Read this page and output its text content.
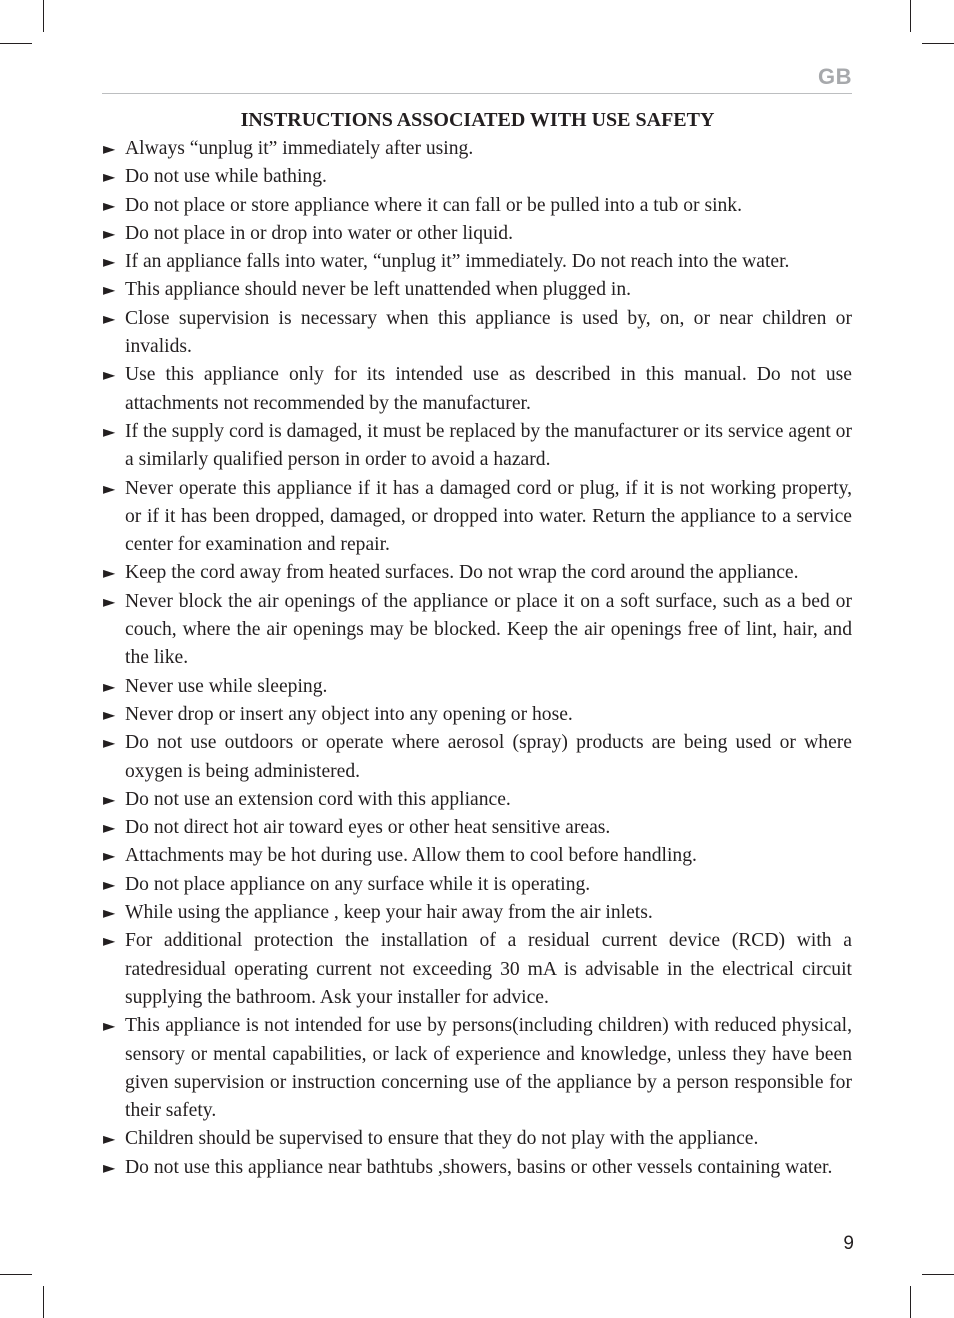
GB
INSTRUCTIONS ASSOCIATED WITH USE SAFETY
► Always “unplug it” immediately after using.
► Do not use while bathing.
► Do not place or store appliance where it can fall or be pulled into a tub or sink.
► Do not place in or drop into water or other liquid.
► If an appliance falls into water, “unplug it” immediately. Do not reach into the water.
► This appliance should never be left unattended when plugged in.
► Close supervision is necessary when this appliance is used by, on, or near children or invalids.
► Use this appliance only for its intended use as described in this manual. Do not use attachments not recommended by the manufacturer.
► If the supply cord is damaged, it must be replaced by the manufacturer or its service agent or a similarly qualified person in order to avoid a hazard.
► Never operate this appliance if it has a damaged cord or plug, if it is not working property, or if it has been dropped, damaged, or dropped into water. Return the appliance to a service center for examination and repair.
► Keep the cord away from heated surfaces. Do not wrap the cord around the appliance.
► Never block the air openings of the appliance or place it on a soft surface, such as a bed or couch, where the air openings may be blocked. Keep the air openings free of lint, hair, and the like.
► Never use while sleeping.
► Never drop or insert any object into any opening or hose.
► Do not use outdoors or operate where aerosol (spray) products are being used or where oxygen is being administered.
► Do not use an extension cord with this appliance.
► Do not direct hot air toward eyes or other heat sensitive areas.
► Attachments may be hot during use. Allow them to cool before handling.
► Do not place appliance on any surface while it is operating.
► While using the appliance , keep your hair away from the air inlets.
► For additional protection the installation of a residual current device (RCD) with a ratedresidual operating current not exceeding 30 mA is advisable in the electrical circuit supplying the bathroom. Ask your installer for advice.
► This appliance is not intended for use by persons(including children) with reduced physical, sensory or mental capabilities, or lack of experience and knowledge, unless they have been given supervision or instruction concerning use of the appliance by a person responsible for their safety.
► Children should be supervised to ensure that they do not play with the appliance.
► Do not use this appliance near bathtubs ,showers, basins or other vessels containing water.
9
